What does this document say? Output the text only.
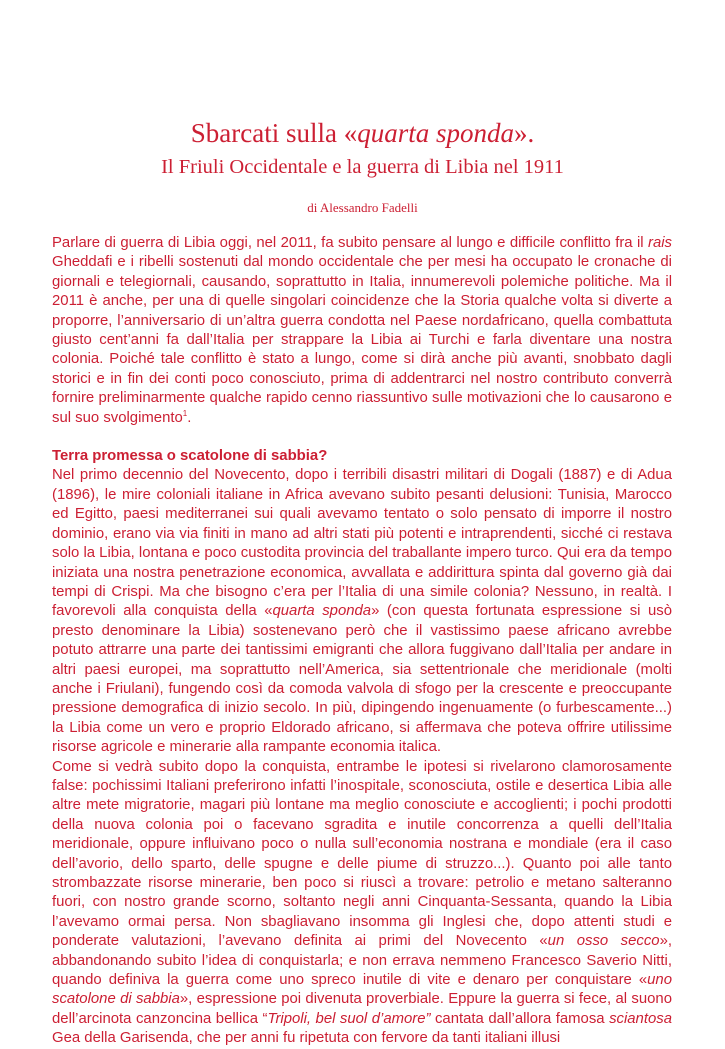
Sbarcati sulla «quarta sponda».
Il Friuli Occidentale e la guerra di Libia nel 1911
di Alessandro Fadelli

Parlare di guerra di Libia oggi, nel 2011, fa subito pensare al lungo e difficile conflitto fra il rais Gheddafi e i ribelli sostenuti dal mondo occidentale che per mesi ha occupato le cronache di giornali e telegiornali, causando, soprattutto in Italia, innumerevoli polemiche politiche. Ma il 2011 è anche, per una di quelle singolari coincidenze che la Storia qualche volta si diverte a proporre, l’anniversario di un’altra guerra condotta nel Paese nordafricano, quella combattuta giusto cent’anni fa dall’Italia per strappare la Libia ai Turchi e farla diventare una nostra colonia. Poiché tale conflitto è stato a lungo, come si dirà anche più avanti, snobbato dagli storici e in fin dei conti poco conosciuto, prima di addentrarci nel nostro contributo converrà fornire preliminarmente qualche rapido cenno riassuntivo sulle motivazioni che lo causarono e sul suo svolgimento$^1$.

Terra promessa o scatolone di sabbia?

Nel primo decennio del Novecento, dopo i terribili disastri militari di Dogali (1887) e di Adua (1896), le mire coloniali italiane in Africa avevano subito pesanti delusioni: Tunisia, Marocco ed Egitto, paesi mediterranei sui quali avevamo tentato o solo pensato di imporre il nostro dominio, erano via via finiti in mano ad altri stati più potenti e intraprendenti, sicché ci restava solo la Libia, lontana e poco custodita provincia del traballante impero turco. Qui era da tempo iniziata una nostra penetrazione economica, avvallata e addirittura spinta dal governo già dai tempi di Crispi. Ma che bisogno c’era per l’Italia di una simile colonia? Nessuno, in realtà. I favorevoli alla conquista della «quarta sponda» (con questa fortunata espressione si usò presto denominare la Libia) sostenevano però che il vastissimo paese africano avrebbe potuto attrarre una parte dei tantissimi emigranti che allora fuggivano dall’Italia per andare in altri paesi europei, ma soprattutto nell’America, sia settentrionale che meridionale (molti anche i Friulani), fungendo così da comoda valvola di sfogo per la crescente e preoccupante pressione demografica di inizio secolo. In più, dipingendo ingenuamente (o furbescamente...) la Libia come un vero e proprio Eldorado africano, si affermava che poteva offrire utilissime risorse agricole e minerarie alla rampante economia italica.

Come si vedrà subito dopo la conquista, entrambe le ipotesi si rivelarono clamorosamente false: pochissimi Italiani preferirono infatti l’inospitale, sconosciuta, ostile e desertica Libia alle altre mete migratorie, magari più lontane ma meglio conosciute e accoglienti; i pochi prodotti della nuova colonia poi o facevano sgradita e inutile concorrenza a quelli dell’Italia meridionale, oppure influivano poco o nulla sull’economia nostrana e mondiale (era il caso dell’avorio, dello sparto, delle spugne e delle piume di struzzo...). Quanto poi alle tanto strombazzate risorse minerarie, ben poco si riuscì a trovare: petrolio e metano salteranno fuori, con nostro grande scorno, soltanto negli anni Cinquanta-Sessanta, quando la Libia l’avevamo ormai persa. Non sbagliavano insomma gli Inglesi che, dopo attenti studi e ponderate valutazioni, l’avevano definita ai primi del Novecento «un osso secco», abbandonando subito l’idea di conquistarla; e non errava nemmeno Francesco Saverio Nitti, quando definiva la guerra come uno spreco inutile di vite e denaro per conquistare «uno scatolone di sabbia», espressione poi divenuta proverbiale. Eppure la guerra si fece, al suono dell’arcinota canzoncina bellica “Tripoli, bel suol d’amore” cantata dall’allora famosa sciantosa Gea della Garisenda, che per anni fu ripetuta con fervore da tanti italiani illusi
